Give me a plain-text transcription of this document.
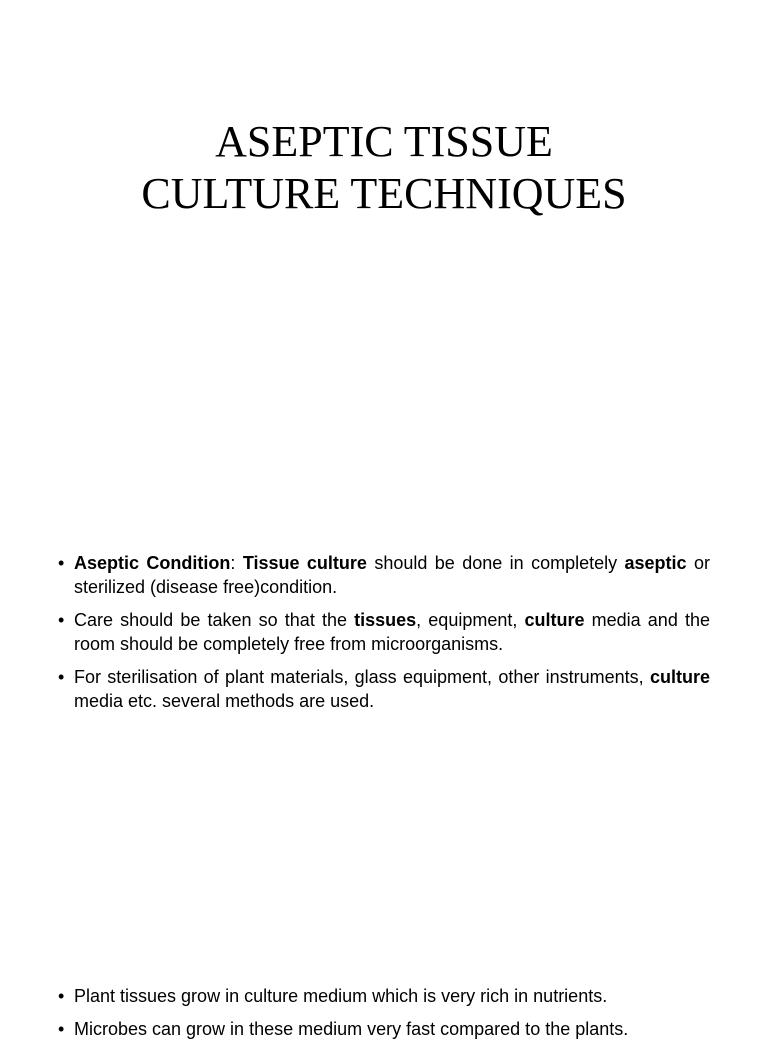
ASEPTIC TISSUE
CULTURE TECHNIQUES
• Aseptic Condition: Tissue culture should be done in completely aseptic or sterilized (disease free)condition.
• Care should be taken so that the tissues, equipment, culture media and the room should be completely free from microorganisms.
• For sterilisation of plant materials, glass equipment, other instruments, culture media etc. several methods are used.
• Plant tissues grow in culture medium which is very rich in nutrients.
• Microbes can grow in these medium very fast compared to the plants.
